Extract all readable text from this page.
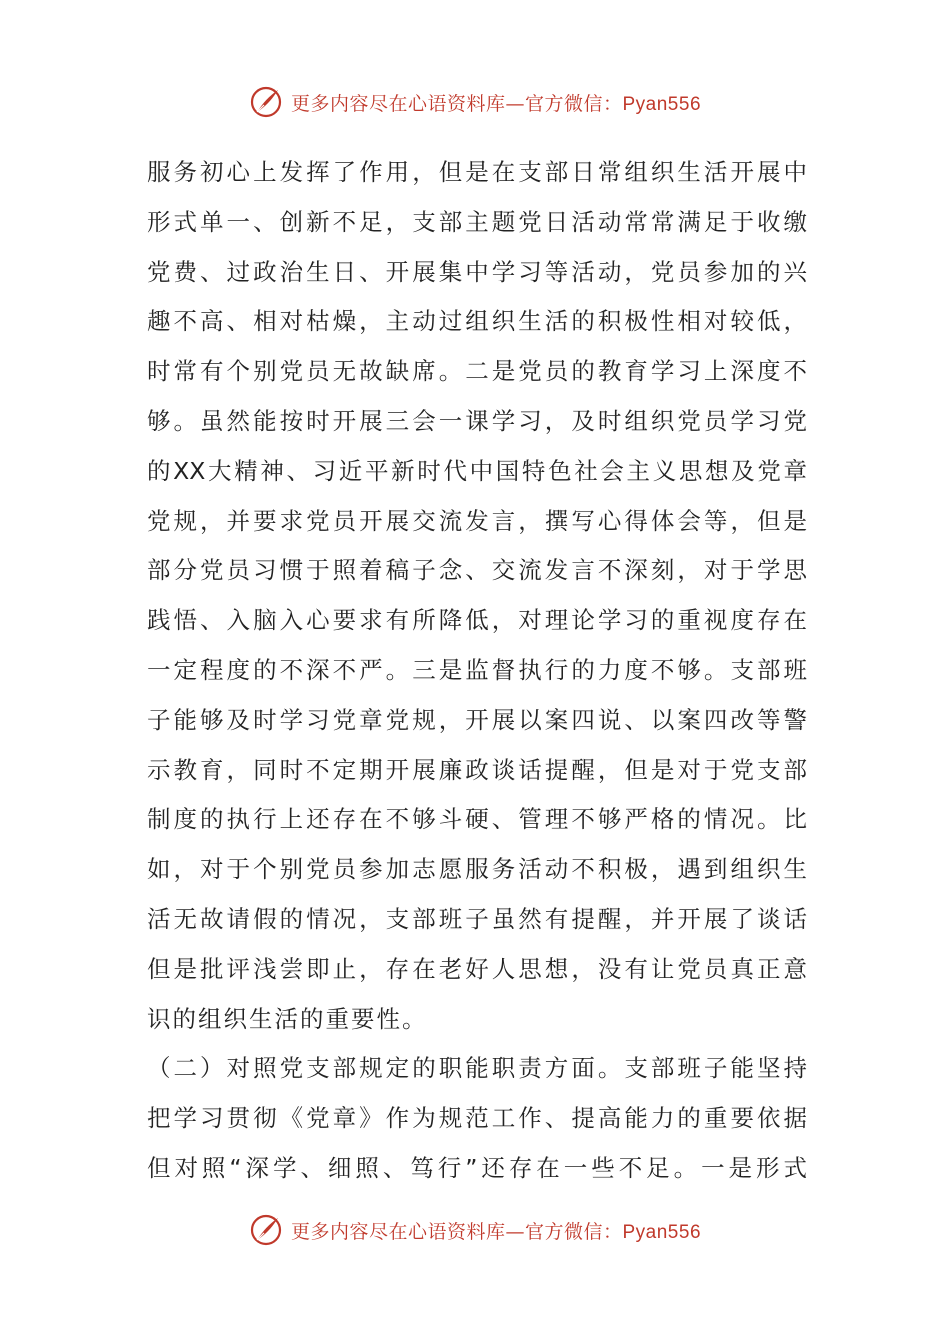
更多内容尽在心语资料库—官方微信：Pyan556
服务初心上发挥了作用，但是在支部日常组织生活开展中
形式单一、创新不足，支部主题党日活动常常满足于收缴
党费、过政治生日、开展集中学习等活动，党员参加的兴
趣不高、相对枯燥，主动过组织生活的积极性相对较低，
时常有个别党员无故缺席。二是党员的教育学习上深度不
够。虽然能按时开展三会一课学习，及时组织党员学习党
的XX大精神、习近平新时代中国特色社会主义思想及党章
党规，并要求党员开展交流发言，撰写心得体会等，但是
部分党员习惯于照着稿子念、交流发言不深刻，对于学思
践悟、入脑入心要求有所降低，对理论学习的重视度存在
一定程度的不深不严。三是监督执行的力度不够。支部班
子能够及时学习党章党规，开展以案四说、以案四改等警
示教育，同时不定期开展廉政谈话提醒，但是对于党支部
制度的执行上还存在不够斗硬、管理不够严格的情况。比
如，对于个别党员参加志愿服务活动不积极，遇到组织生
活无故请假的情况，支部班子虽然有提醒，并开展了谈话
但是批评浅尝即止，存在老好人思想，没有让党员真正意
识的组织生活的重要性。
（二）对照党支部规定的职能职责方面。支部班子能坚持
把学习贯彻《党章》作为规范工作、提高能力的重要依据
但对照“深学、细照、笃行”还存在一些不足。一是形式
更多内容尽在心语资料库—官方微信：Pyan556
